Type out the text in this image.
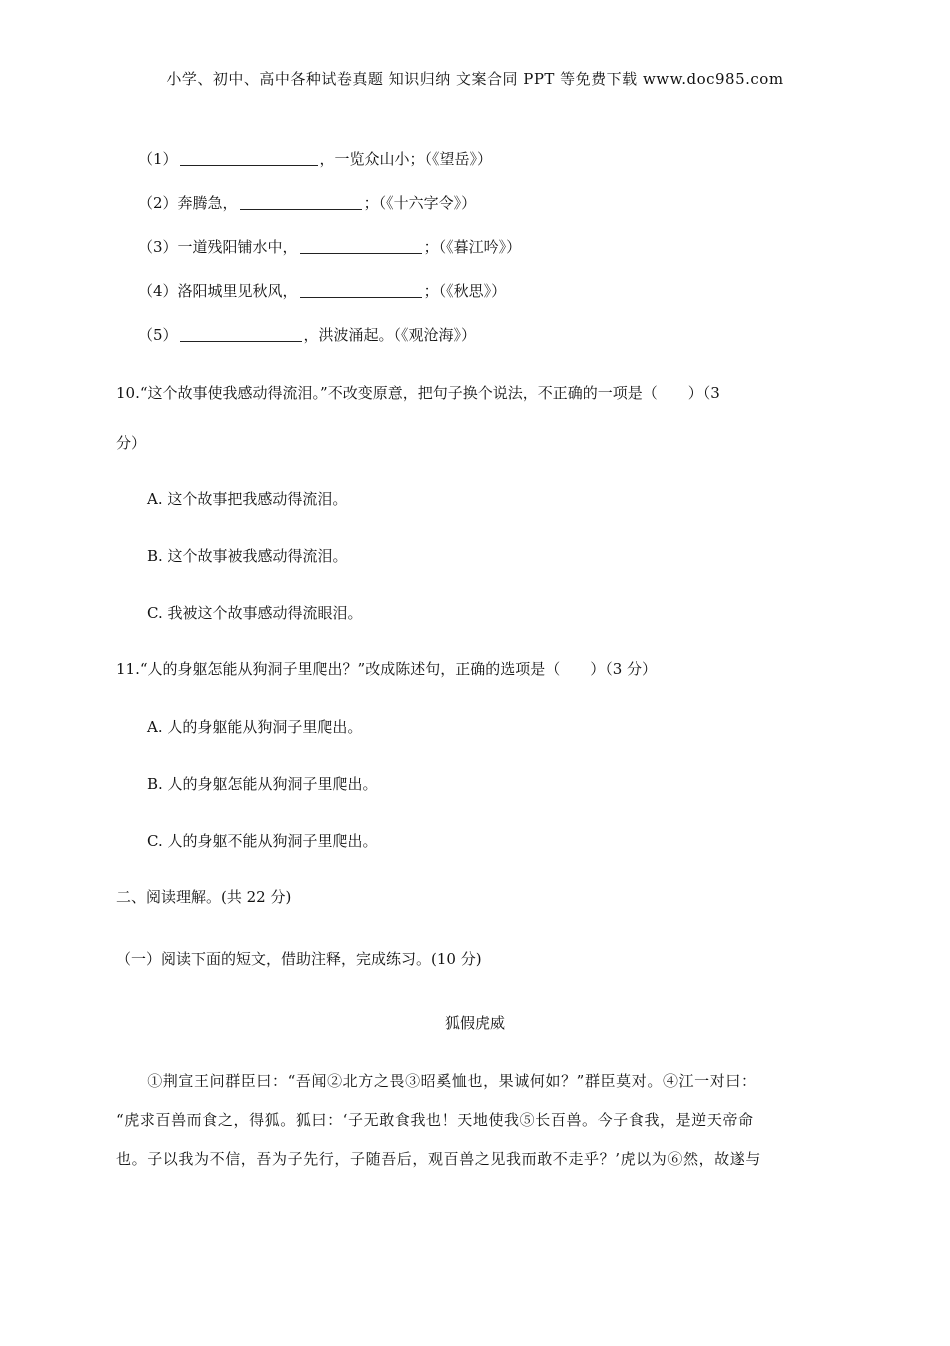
小学、初中、高中各种试卷真题 知识归纳 文案合同 PPT 等免费下载 www.doc985.com
（1）	，一览众山小；（《望岳》）
（2）奔腾急，	；（《十六字令》）
（3）一道残阳铺水中，	；（《暮江吟》）
（4）洛阳城里见秋风，	；（《秋思》）
（5）	，洪波涌起。（《观沧海》）
10.“这个故事使我感动得流泪。”不改变原意，把句子换个说法，不正确的一项是（　　）（3
分）
A. 这个故事把我感动得流泪。
B. 这个故事被我感动得流泪。
C. 我被这个故事感动得流眼泪。
11.“人的身躯怎能从狗洞子里爬出？”改成陈述句，正确的选项是（　　）（3 分）
A. 人的身躯能从狗洞子里爬出。
B. 人的身躯怎能从狗洞子里爬出。
C. 人的身躯不能从狗洞子里爬出。
二、阅读理解。(共 22 分)
（一）阅读下面的短文，借助注释，完成练习。(10 分)
狐假虎威
　　①荆宣王问群臣曰：“吾闻②北方之畏③昭奚恤也，果诚何如？”群臣莫对。④江一对曰：
“虎求百兽而食之，得狐。狐曰：‘子无敢食我也！天地使我⑤长百兽。今子食我，是逆天帝命
也。子以我为不信，吾为子先行，子随吾后，观百兽之见我而敢不走乎？’虎以为⑥然，故遂与
